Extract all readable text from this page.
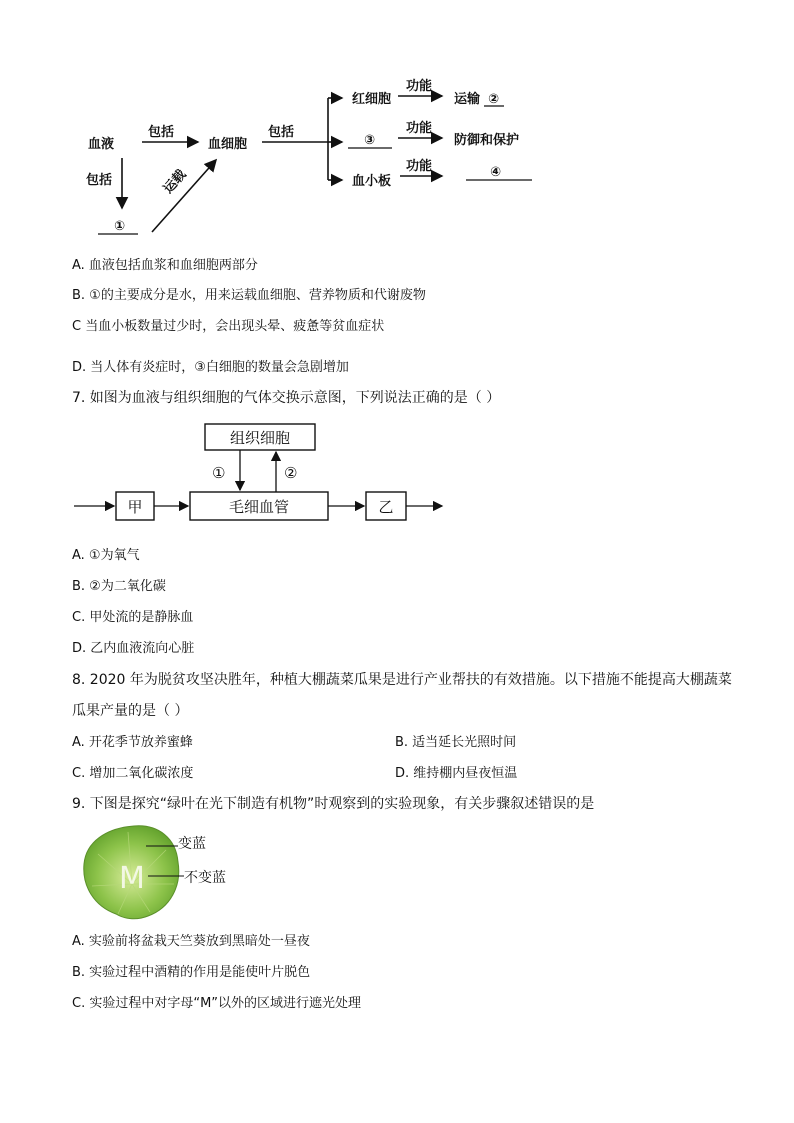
血液
包括
血细胞
包括
①
运载
包括
红细胞
功能
运输 ②
③
功能
防御和保护
血小板
功能	④
A. 血液包括血浆和血细胞两部分
B. ①的主要成分是水，用来运载血细胞、营养物质和代谢废物
C 当血小板数量过少时，会出现头晕、疲惫等贫血症状
D. 当人体有炎症时，③白细胞的数量会急剧增加
7. 如图为血液与组织细胞的气体交换示意图，下列说法正确的是（ ）
组织细胞
①	②
毛细血管
甲	乙
A. ①为氧气
B. ②为二氧化碳
C. 甲处流的是静脉血
D. 乙内血液流向心脏
8. 2020 年为脱贫攻坚决胜年，种植大棚蔬菜瓜果是进行产业帮扶的有效措施。以下措施不能提高大棚蔬菜
瓜果产量的是（ ）
A. 开花季节放养蜜蜂	B. 适当延长光照时间
C. 增加二氧化碳浓度	D. 维持棚内昼夜恒温
9. 下图是探究“绿叶在光下制造有机物”时观察到的实验现象，有关步骤叙述错误的是
M
变蓝
不变蓝
A. 实验前将盆栽天竺葵放到黑暗处一昼夜
B. 实验过程中酒精的作用是能使叶片脱色
C. 实验过程中对字母“M”以外的区域进行遮光处理
